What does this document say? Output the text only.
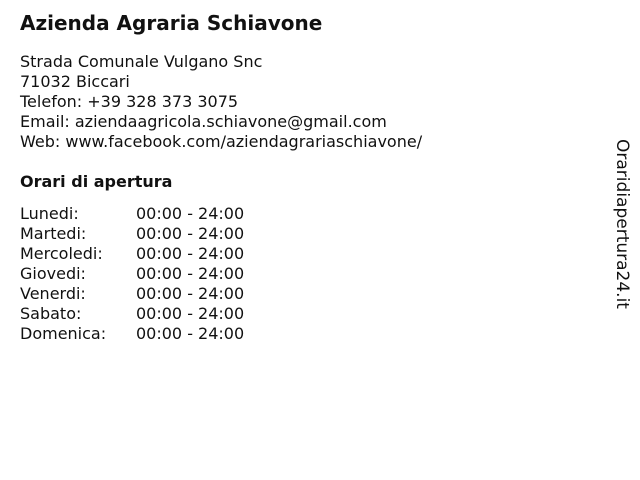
Azienda Agraria Schiavone
Strada Comunale Vulgano Snc
71032 Biccari
Telefon: +39 328 373 3075
Email: aziendaagricola.schiavone@gmail.com
Web: www.facebook.com/aziendagrariaschiavone/
Orari di apertura
Lunedi:	00:00 - 24:00
Martedi:	00:00 - 24:00
Mercoledi:	00:00 - 24:00
Giovedi:	00:00 - 24:00
Venerdi:	00:00 - 24:00
Sabato:	00:00 - 24:00
Domenica:	00:00 - 24:00
Oraridiapertura24.it
